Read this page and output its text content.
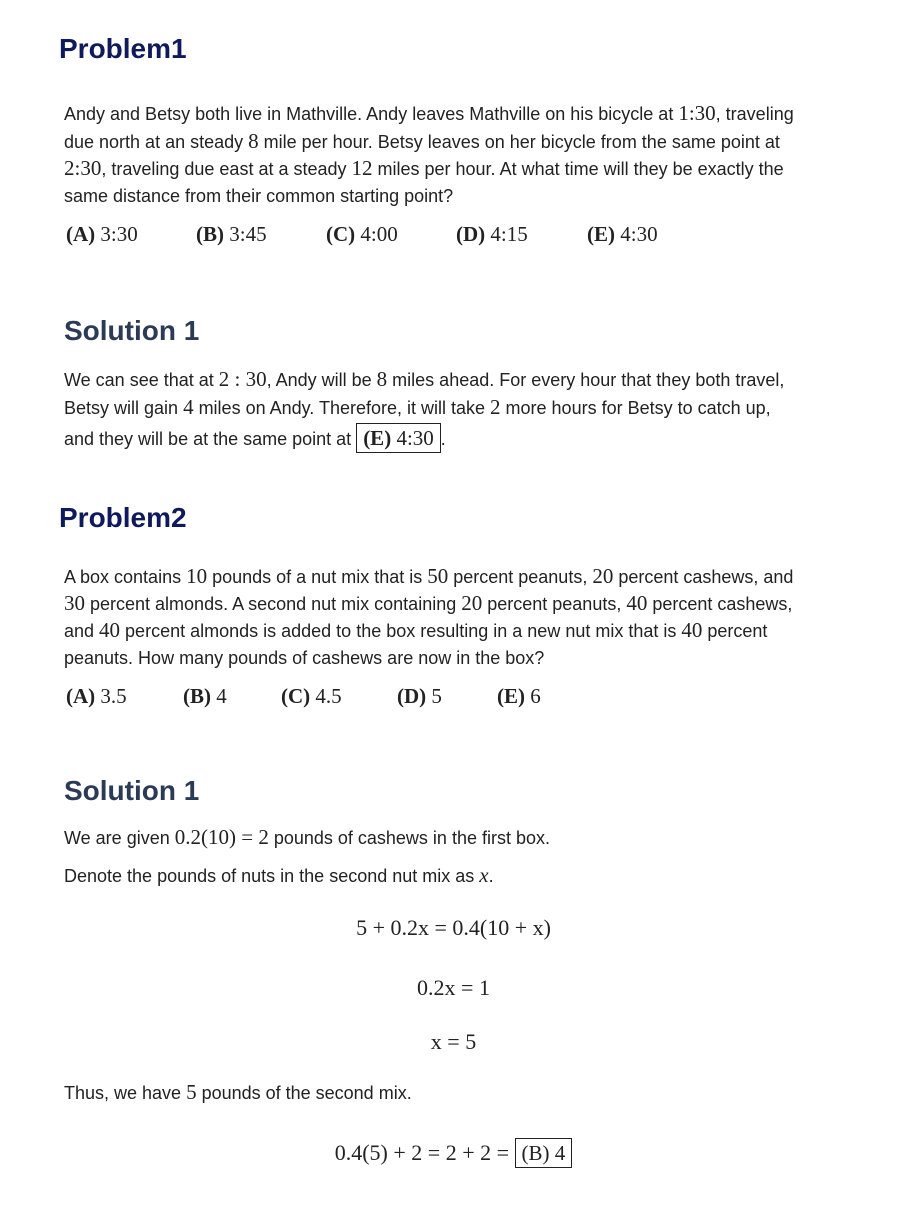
Problem1
Andy and Betsy both live in Mathville. Andy leaves Mathville on his bicycle at 1:30, traveling
due north at an steady 8 mile per hour. Betsy leaves on her bicycle from the same point at
2:30, traveling due east at a steady 12 miles per hour. At what time will they be exactly the
same distance from their common starting point?
(A) 3:30	(B) 3:45	(C) 4:00	(D) 4:15	(E) 4:30
Solution 1
We can see that at 2 : 30, Andy will be 8 miles ahead. For every hour that they both travel,
Betsy will gain 4 miles on Andy. Therefore, it will take 2 more hours for Betsy to catch up,
and they will be at the same point at (E) 4:30 .
Problem2
A box contains 10 pounds of a nut mix that is 50 percent peanuts, 20 percent cashews, and
30 percent almonds. A second nut mix containing 20 percent peanuts, 40 percent cashews,
and 40 percent almonds is added to the box resulting in a new nut mix that is 40 percent
peanuts. How many pounds of cashews are now in the box?
(A) 3.5	(B) 4	(C) 4.5	(D) 5	(E) 6
Solution 1
We are given 0.2(10) = 2 pounds of cashews in the first box.
Denote the pounds of nuts in the second nut mix as x.
5 + 0.2x = 0.4(10 + x)
0.2x = 1
x = 5
Thus, we have 5 pounds of the second mix.
0.4(5) + 2 = 2 + 2 = (B) 4
